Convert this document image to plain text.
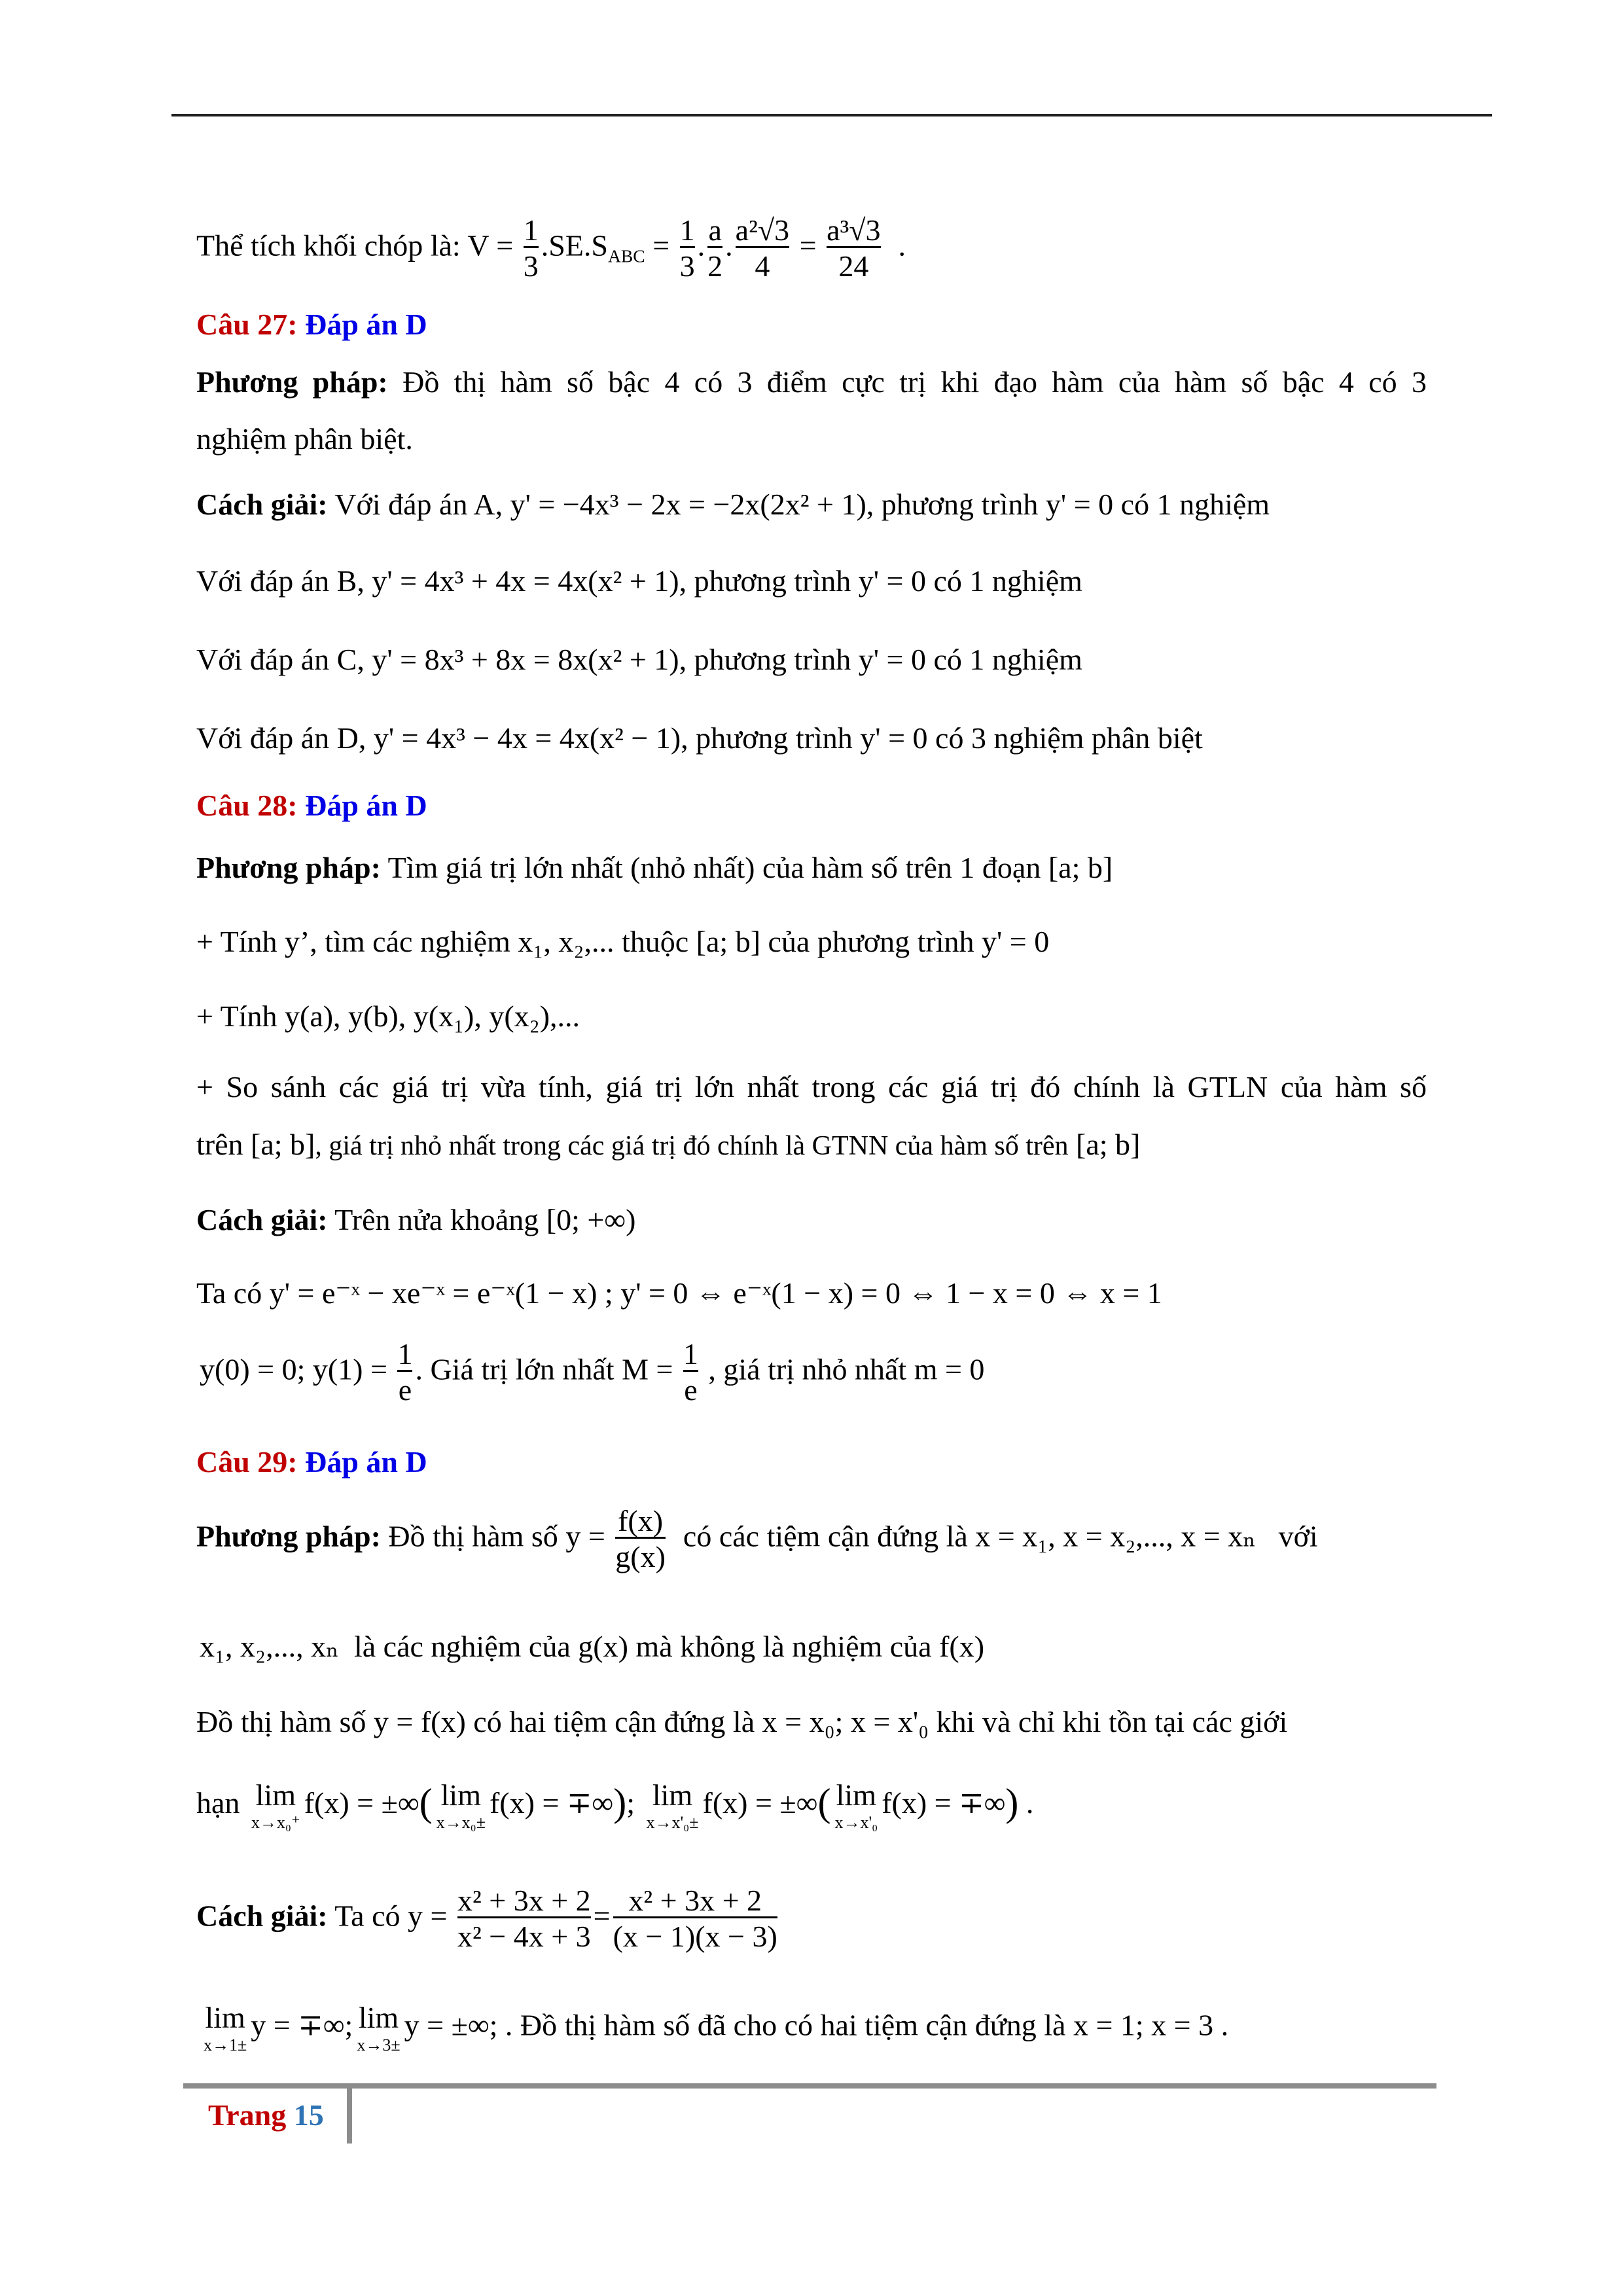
Thể tích khối chóp là: $V = \frac{1}{3} .SE.S_{ABC} = \frac{1}{3}$ . $\frac{a}{2}$ . $\frac{\text{a²√3}}{4} = \frac{\text{a³√3}}{24}$ .
Câu 27: Đáp án D
Phương pháp: Đồ thị hàm số bậc 4 có 3 điểm cực trị khi đạo hàm của hàm số bậc 4 có 3
nghiệm phân biệt.
Cách giải: Với đáp án A, y' = −4x³ − 2x = −2x(2x² + 1), phương trình y' = 0 có 1 nghiệm
Với đáp án B, y' = 4x³ + 4x = 4x(x² + 1), phương trình y' = 0 có 1 nghiệm
Với đáp án C, y' = 8x³ + 8x = 8x(x² + 1), phương trình y' = 0 có 1 nghiệm
Với đáp án D, y' = 4x³ − 4x = 4x(x² − 1), phương trình y' = 0 có 3 nghiệm phân biệt
Câu 28: Đáp án D
Phương pháp: Tìm giá trị lớn nhất (nhỏ nhất) của hàm số trên 1 đoạn [a; b]
+ Tính y’, tìm các nghiệm x₁, x₂,... thuộc [a; b] của phương trình y' = 0
+ Tính y(a), y(b), y(x₁), y(x₂),...
+ So sánh các giá trị vừa tính, giá trị lớn nhất trong các giá trị đó chính là GTLN của hàm số
trên [a; b], giá trị nhỏ nhất trong các giá trị đó chính là GTNN của hàm số trên [a; b]
Cách giải: Trên nửa khoảng [0; +∞)
Ta có y' = e⁻ˣ − xe⁻ˣ = e⁻ˣ(1 − x) ; y' = 0 ⇔ e⁻ˣ(1 − x) = 0 ⇔ 1 − x = 0 ⇔ x = 1
y(0) = 0; $y(1) = \frac{1}{e}$ . Giá trị lớn nhất $M = \frac{1}{e}$ , giá trị nhỏ nhất m = 0
Câu 29: Đáp án D
Phương pháp: Đồ thị hàm số $y = \frac{f(x)}{g(x)}$ có các tiệm cận đứng là x = x₁, x = x₂,..., x = xₙ với
x₁, x₂,..., xₙ là các nghiệm của g(x) mà không là nghiệm của f(x)
Đồ thị hàm số y = f(x) có hai tiệm cận đứng là x = x₀; x = x'₀ khi và chỉ khi tồn tại các giới
hạn lim
x→x₀⁺
f(x) = ±∞( lim
x→x₀±
f(x) = ∓∞); lim
x→x'₀±
f(x) = ±∞( lim
x→x'₀
f(x) = ∓∞) .
Cách giải: Ta có $y = \frac{\text{x² + 3x + 2}}{\text{x² − 4x + 3}} = \frac{\text{x² + 3x + 2}}{(x - 1)(x - 3)}$
lim
x→1±
y = ∓∞; lim
x→3±
y = ±∞; . Đồ thị hàm số đã cho có hai tiệm cận đứng là x = 1; x = 3 .
Trang 15
